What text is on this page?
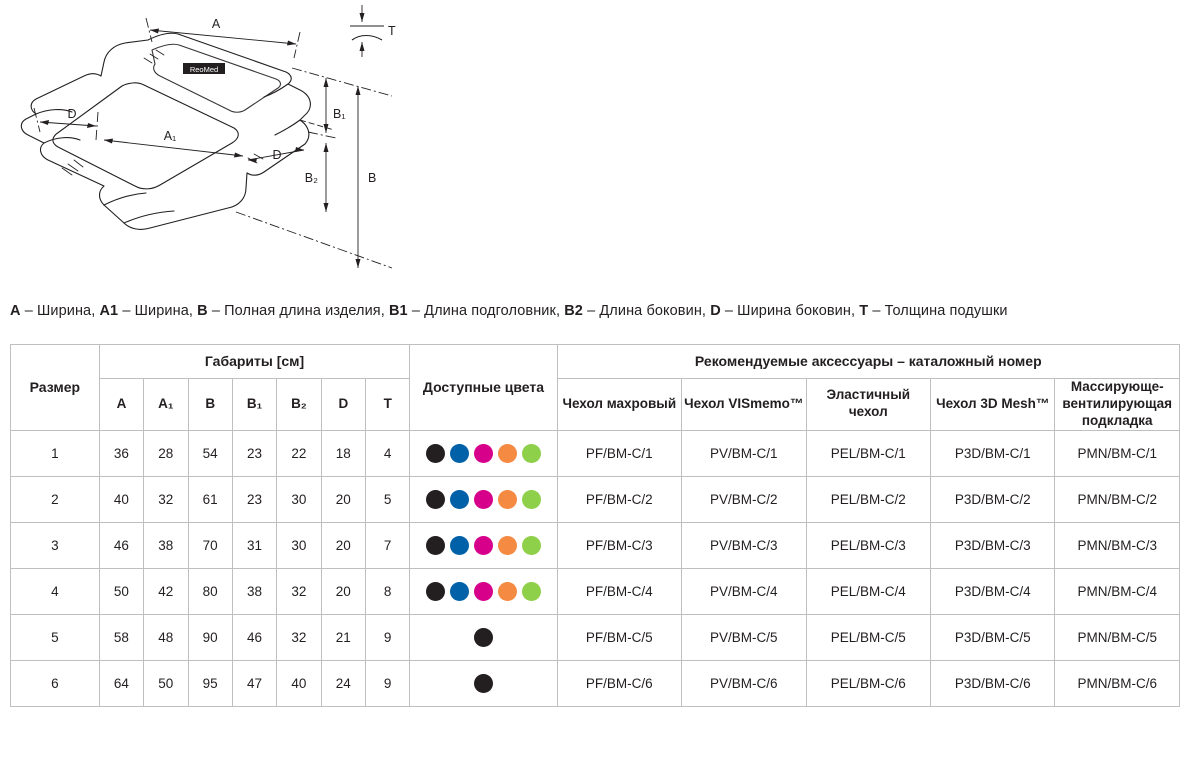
ReoMed
A
A₁
D
D
B₁
B₂	B
T
A – Ширина, A1 – Ширина, B – Полная длина изделия, B1 – Длина подголовник, B2 – Длина боковин, D – Ширина боковин, T – Толщина подушки
Размер	Габариты [см]							Доступные цвета	Рекомендуемые аксессуары – каталожный номер				
	A	A₁	B	B₁	B₂	D	T		Чехол махровый	Чехол VISmemo™	Эластичный чехол	Чехол 3D Mesh™	Массирующе-вентилирующая подкладка
1	36	28	54	23	22	18	4		PF/BM-C/1	PV/BM-C/1	PEL/BM-C/1	P3D/BM-C/1	PMN/BM-C/1
2	40	32	61	23	30	20	5		PF/BM-C/2	PV/BM-C/2	PEL/BM-C/2	P3D/BM-C/2	PMN/BM-C/2
3	46	38	70	31	30	20	7		PF/BM-C/3	PV/BM-C/3	PEL/BM-C/3	P3D/BM-C/3	PMN/BM-C/3
4	50	42	80	38	32	20	8		PF/BM-C/4	PV/BM-C/4	PEL/BM-C/4	P3D/BM-C/4	PMN/BM-C/4
5	58	48	90	46	32	21	9		PF/BM-C/5	PV/BM-C/5	PEL/BM-C/5	P3D/BM-C/5	PMN/BM-C/5
6	64	50	95	47	40	24	9		PF/BM-C/6	PV/BM-C/6	PEL/BM-C/6	P3D/BM-C/6	PMN/BM-C/6
